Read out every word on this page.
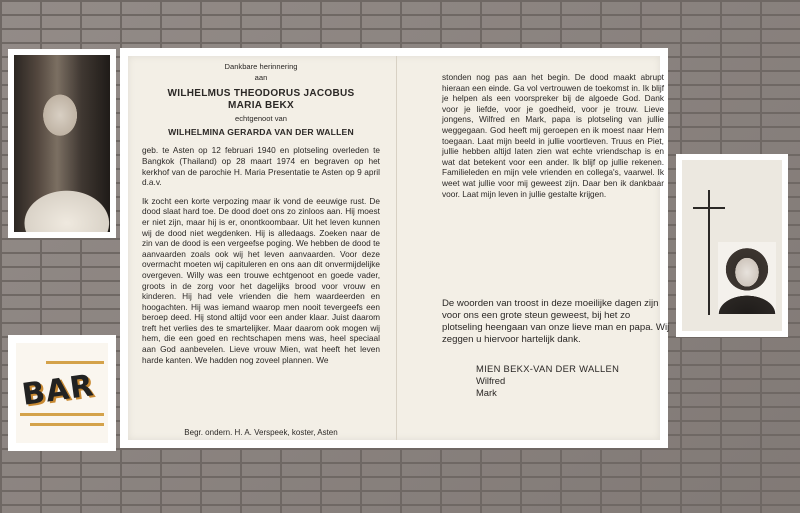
BAR

Dankbare herinnering

aan

WILHELMUS THEODORUS JACOBUS

MARIA BEKX

echtgenoot van

WILHELMINA GERARDA VAN DER WALLEN

geb. te Asten op 12 februari 1940 en plotseling overleden te Bangkok (Thailand) op 28 maart 1974 en begraven op het kerkhof van de parochie H. Maria Presentatie te Asten op 9 april d.a.v.

Ik zocht een korte verpozing maar ik vond de eeuwige rust. De dood slaat hard toe. De dood doet ons zo zinloos aan. Hij moest er niet zijn, maar hij is er, onontkoombaar. Uit het leven kunnen wij de dood niet wegdenken. Hij is alledaags. Zoeken naar de zin van de dood is een vergeefse poging. We hebben de dood te aanvaarden zoals ook wij het leven aanvaarden. Voor deze overmacht moeten wij capituleren en ons aan dit onvermijdelijke overgeven. Willy was een trouwe echtgenoot en goede vader, groots in de zorg voor het dagelijks brood voor vrouw en kinderen. Hij had vele vrienden die hem waardeerden en hoogachten. Hij was iemand waarop men nooit tevergeefs een beroep deed. Hij stond altijd voor een ander klaar. Juist daarom treft het verlies des te smartelijker. Maar daarom ook mogen wij hem, die een goed en rechtschapen mens was, heel speciaal aan God aanbevelen. Lieve vrouw Mien, wat heeft het leven harde kanten. We hadden nog zoveel plannen. We

Begr. ondern. H. A. Verspeek, koster, Asten

stonden nog pas aan het begin. De dood maakt abrupt hieraan een einde. Ga vol vertrouwen de toekomst in. Ik blijf je helpen als een voorspreker bij de algoede God. Dank voor je liefde, voor je goedheid, voor je trouw. Lieve jongens, Wilfred en Mark, papa is plotseling van jullie weggegaan. God heeft mij geroepen en ik moest naar Hem toegaan. Laat mijn beeld in jullie voortleven. Truus en Piet, jullie hebben altijd laten zien wat echte vriendschap is en wat dat betekent voor een ander. Ik blijf op jullie rekenen. Familieleden en mijn vele vrienden en collega's, vaarwel. Ik weet wat jullie voor mij geweest zijn. Daar ben ik dankbaar voor. Laat mijn leven in jullie gestalte krijgen.

De woorden van troost in deze moeilijke dagen zijn voor ons een grote steun geweest, bij het zo plotseling heengaan van onze lieve man en papa. Wij zeggen u hiervoor hartelijk dank.

MIEN BEKX-VAN DER WALLEN

Wilfred

Mark
